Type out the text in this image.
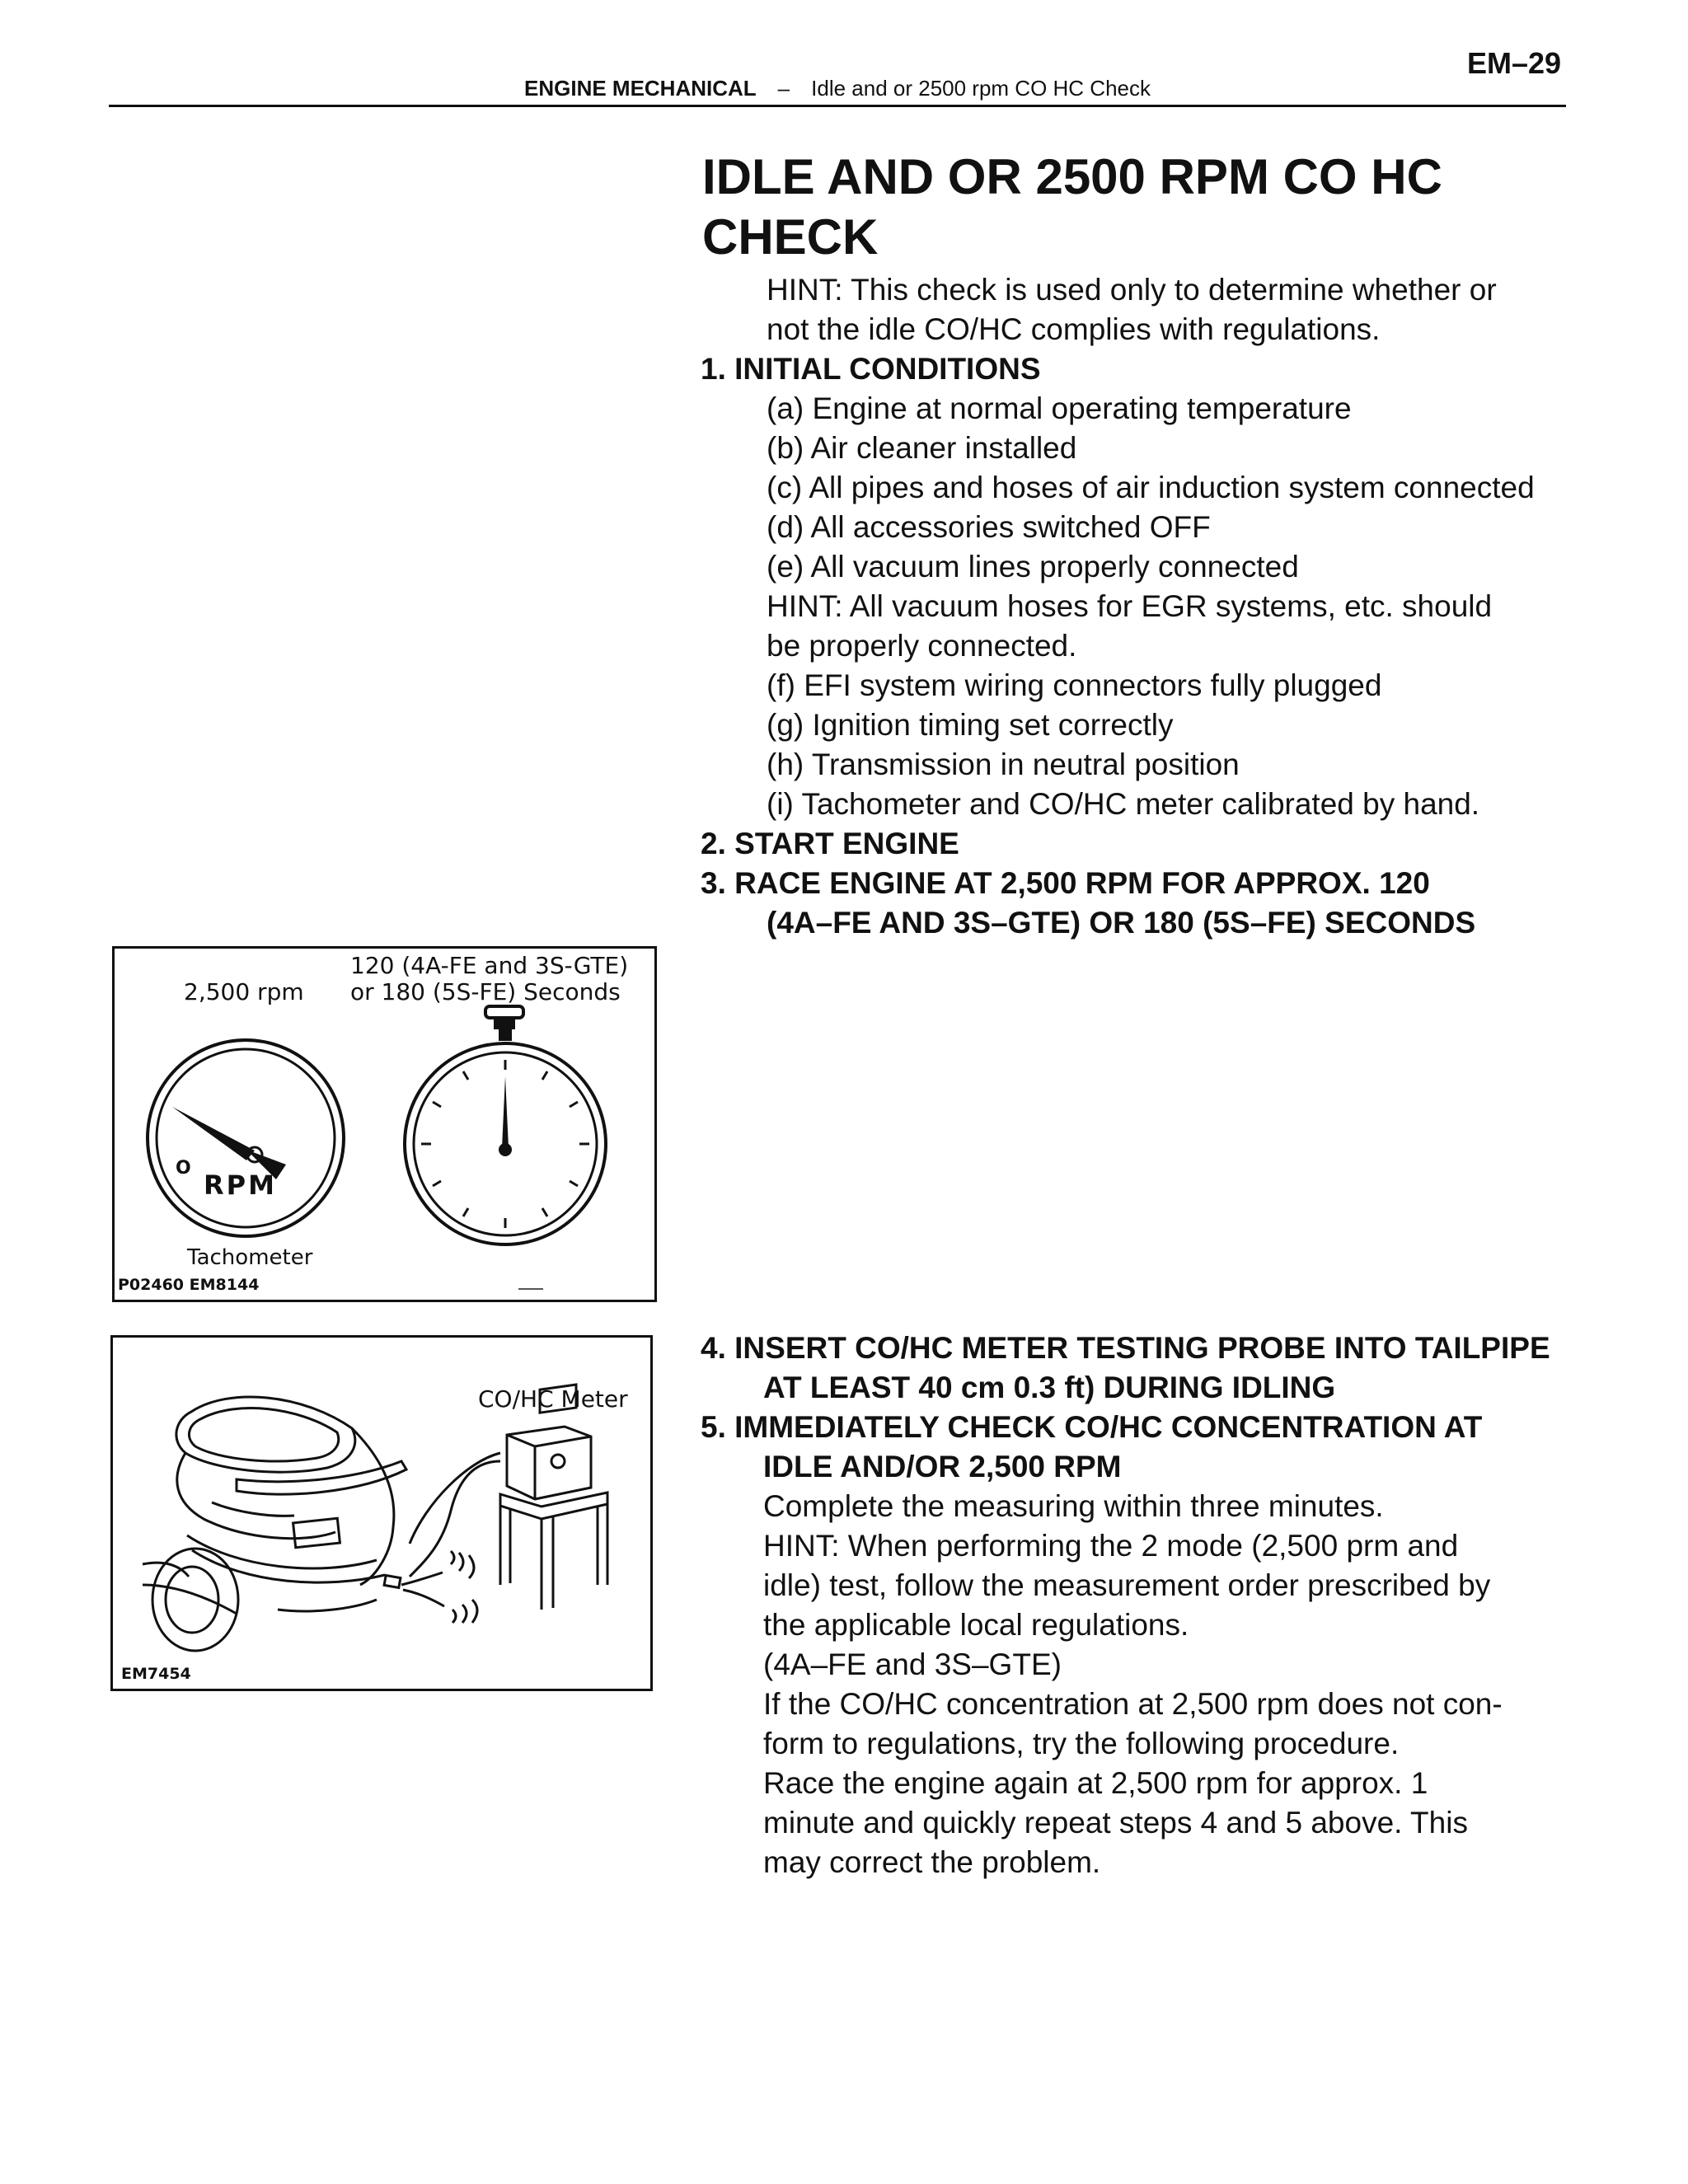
EM–29
ENGINE MECHANICAL – Idle and or 2500 rpm CO HC Check
IDLE AND OR 2500 RPM CO HC
CHECK
HINT: This check is used only to determine whether or
not the idle CO/HC complies with regulations.
1. INITIAL CONDITIONS
(a) Engine at normal operating temperature
(b) Air cleaner installed
(c) All pipes and hoses of air induction system connected
(d) All accessories switched OFF
(e) All vacuum lines properly connected
HINT: All vacuum hoses for EGR systems, etc. should
be properly connected.
(f) EFI system wiring connectors fully plugged
(g) Ignition timing set correctly
(h) Transmission in neutral position
(i) Tachometer and CO/HC meter calibrated by hand.
2. START ENGINE
3. RACE ENGINE AT 2,500 RPM FOR APPROX. 120
(4A–FE AND 3S–GTE) OR 180 (5S–FE) SECONDS
2,500 rpm
120 (4A-FE and 3S-GTE)
or 180 (5S-FE) Seconds
O
RPM
Tachometer
P02460 EM8144
CO/HC Meter
EM7454
4. INSERT CO/HC METER TESTING PROBE INTO TAILPIPE
AT LEAST 40 cm 0.3 ft) DURING IDLING
5. IMMEDIATELY CHECK CO/HC CONCENTRATION AT
IDLE AND/OR 2,500 RPM
Complete the measuring within three minutes.
HINT: When performing the 2 mode (2,500 prm and
idle) test, follow the measurement order prescribed by
the applicable local regulations.
(4A–FE and 3S–GTE)
If the CO/HC concentration at 2,500 rpm does not con-
form to regulations, try the following procedure.
Race the engine again at 2,500 rpm for approx. 1
minute and quickly repeat steps 4 and 5 above. This
may correct the problem.
